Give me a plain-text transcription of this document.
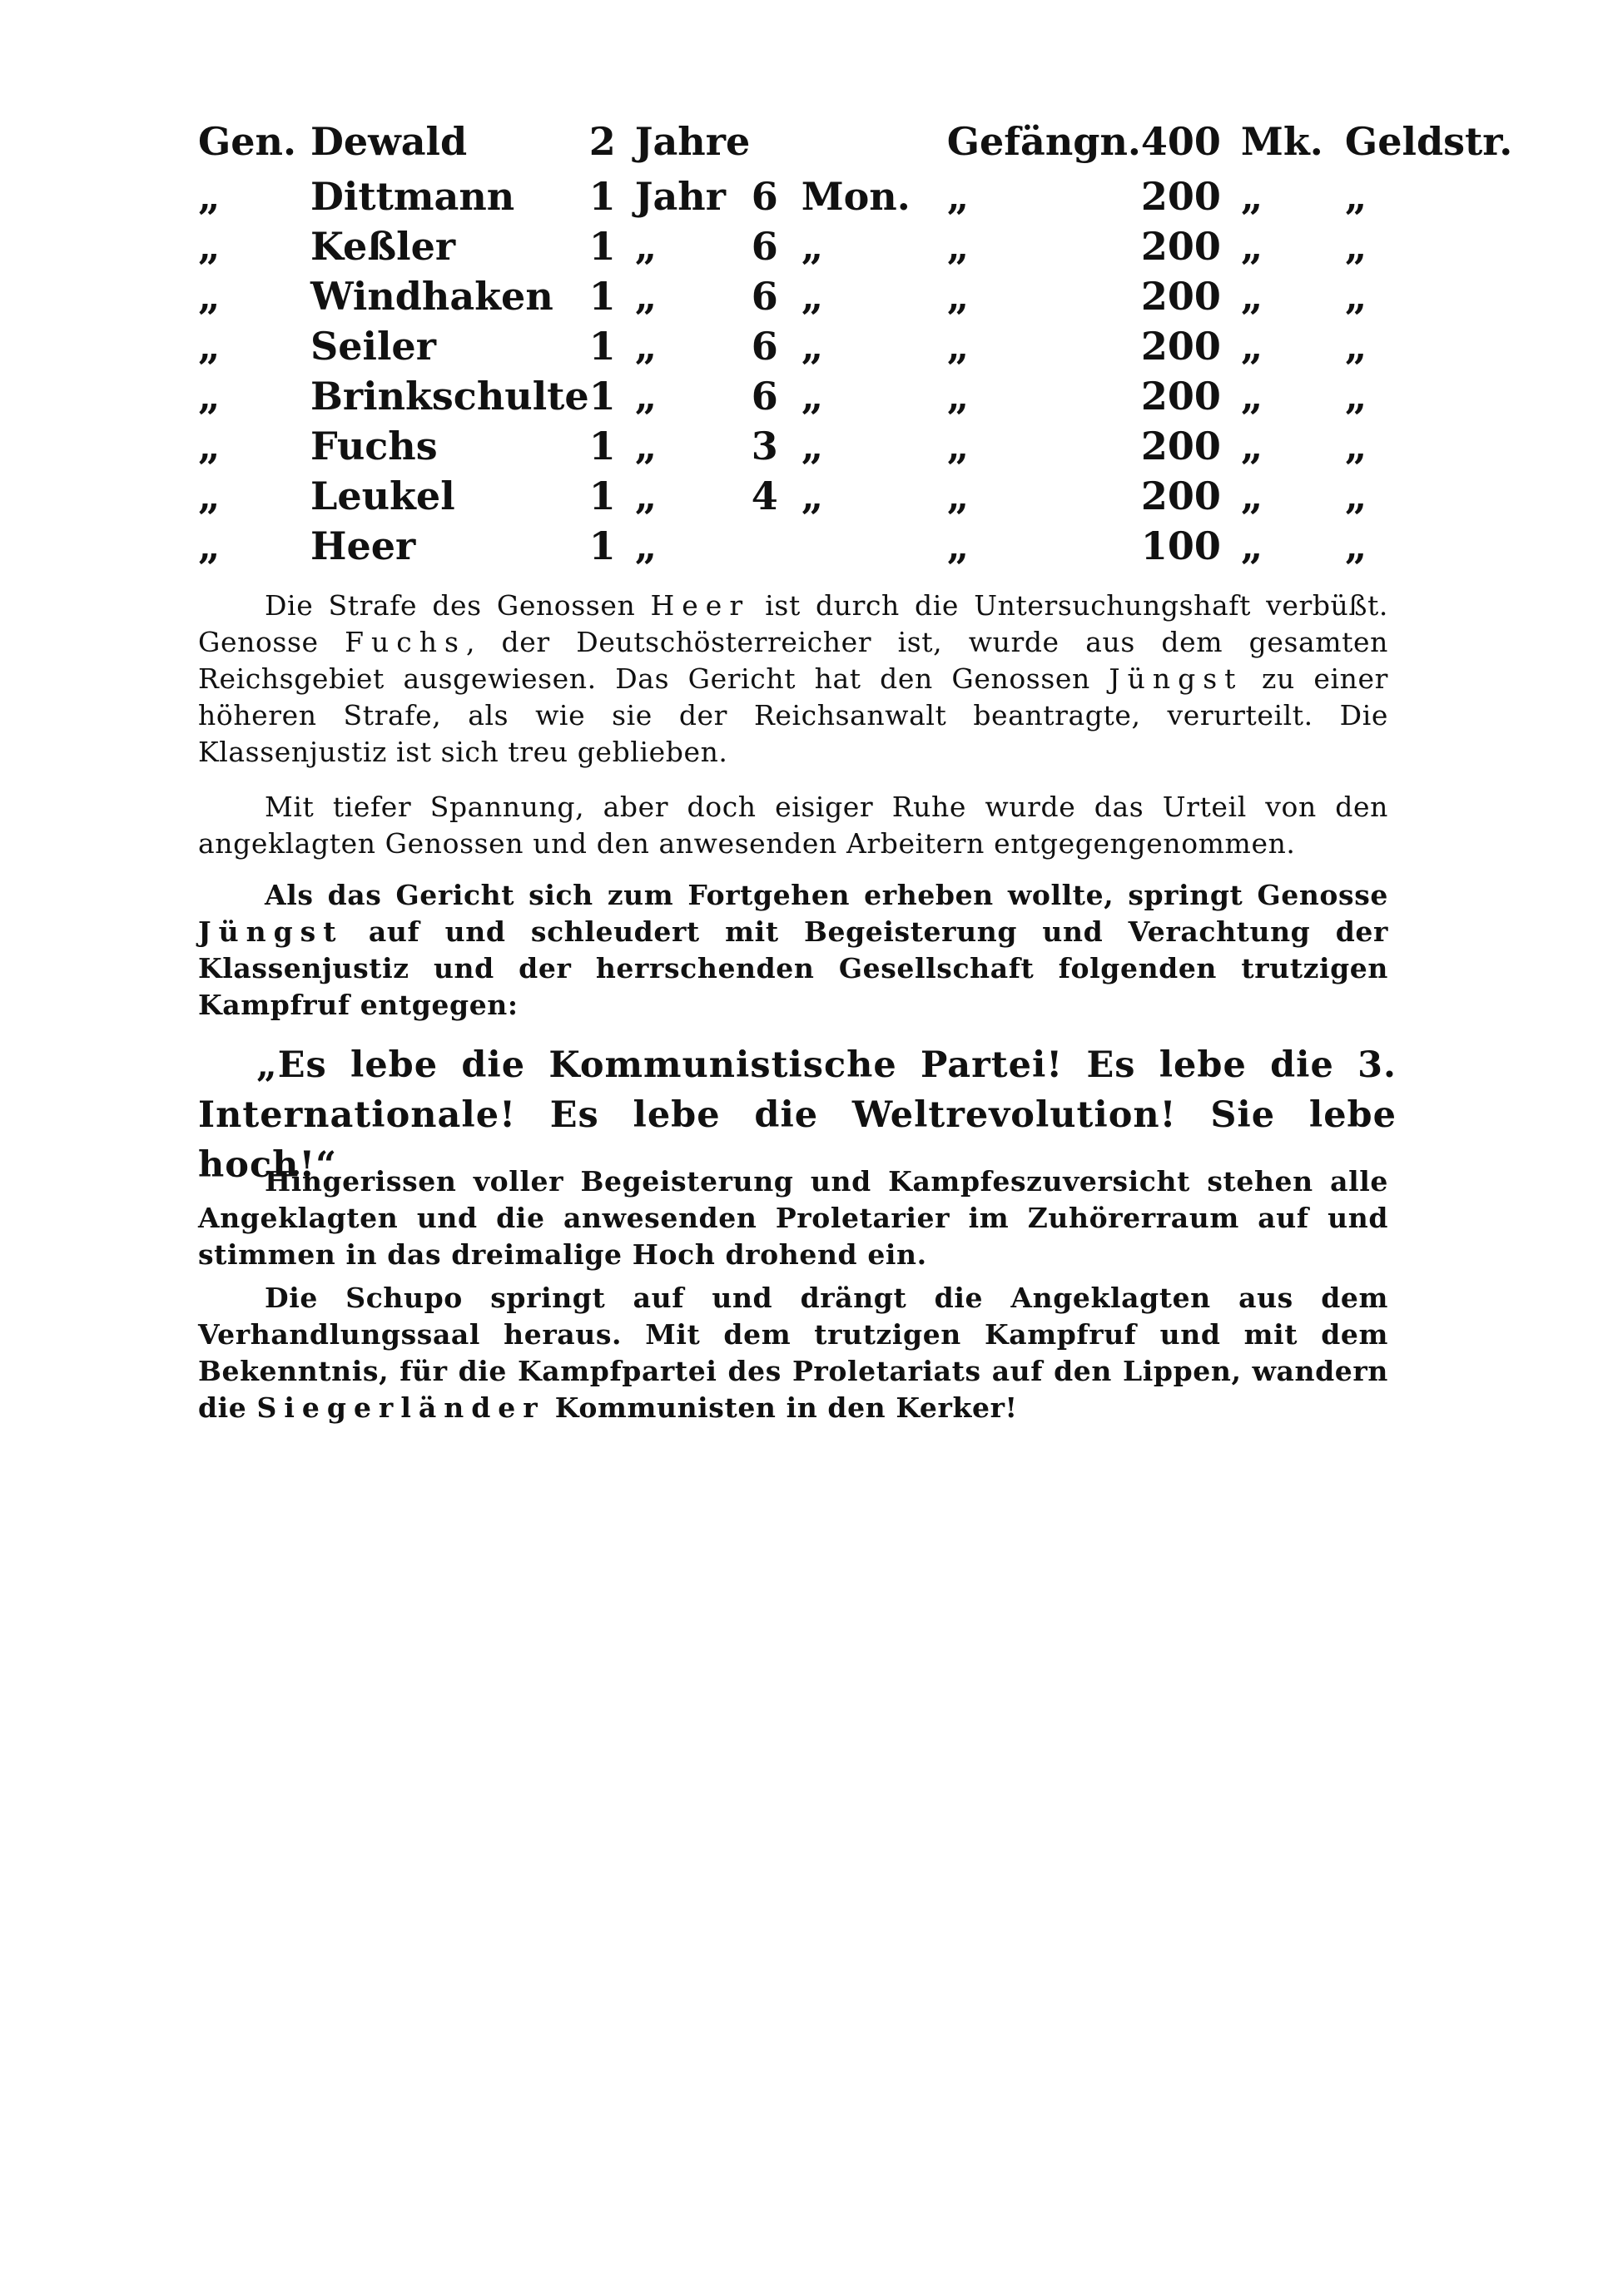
Gen.	Dewald	2	Jahre			Gefängn.	400	Mk.	Geldstr.
„	Dittmann	1	Jahr	6	Mon.	„	200	„	„
„	Keßler	1	„	6	„	„	200	„	„
„	Windhaken	1	„	6	„	„	200	„	„
„	Seiler	1	„	6	„	„	200	„	„
„	Brinkschulte	1	„	6	„	„	200	„	„
„	Fuchs	1	„	3	„	„	200	„	„
„	Leukel	1	„	4	„	„	200	„	„
„	Heer	1	„			„	100	„	„

Die Strafe des Genossen Heer ist durch die Untersuchungshaft verbüßt. Genosse Fuchs, der Deutschösterreicher ist, wurde aus dem gesamten Reichsgebiet ausgewiesen. Das Gericht hat den Genossen Jüngst zu einer höheren Strafe, als wie sie der Reichsanwalt beantragte, verurteilt. Die Klassenjustiz ist sich treu geblieben.

Mit tiefer Spannung, aber doch eisiger Ruhe wurde das Urteil von den angeklagten Genossen und den anwesenden Arbeitern entgegengenommen.

Als das Gericht sich zum Fortgehen erheben wollte, springt Genosse Jüngst auf und schleudert mit Begeisterung und Verachtung der Klassenjustiz und der herrschenden Gesellschaft folgenden trutzigen Kampfruf entgegen:

„Es lebe die Kommunistische Partei! Es lebe die 3. Internationale! Es lebe die Weltrevolution! Sie lebe hoch!“

Hingerissen voller Begeisterung und Kampfeszuversicht stehen alle Angeklagten und die anwesenden Proletarier im Zuhörerraum auf und stimmen in das dreimalige Hoch drohend ein.

Die Schupo springt auf und drängt die Angeklagten aus dem Verhandlungssaal heraus. Mit dem trutzigen Kampfruf und mit dem Bekenntnis, für die Kampfpartei des Proletariats auf den Lippen, wandern die Siegerländer Kommunisten in den Kerker!
